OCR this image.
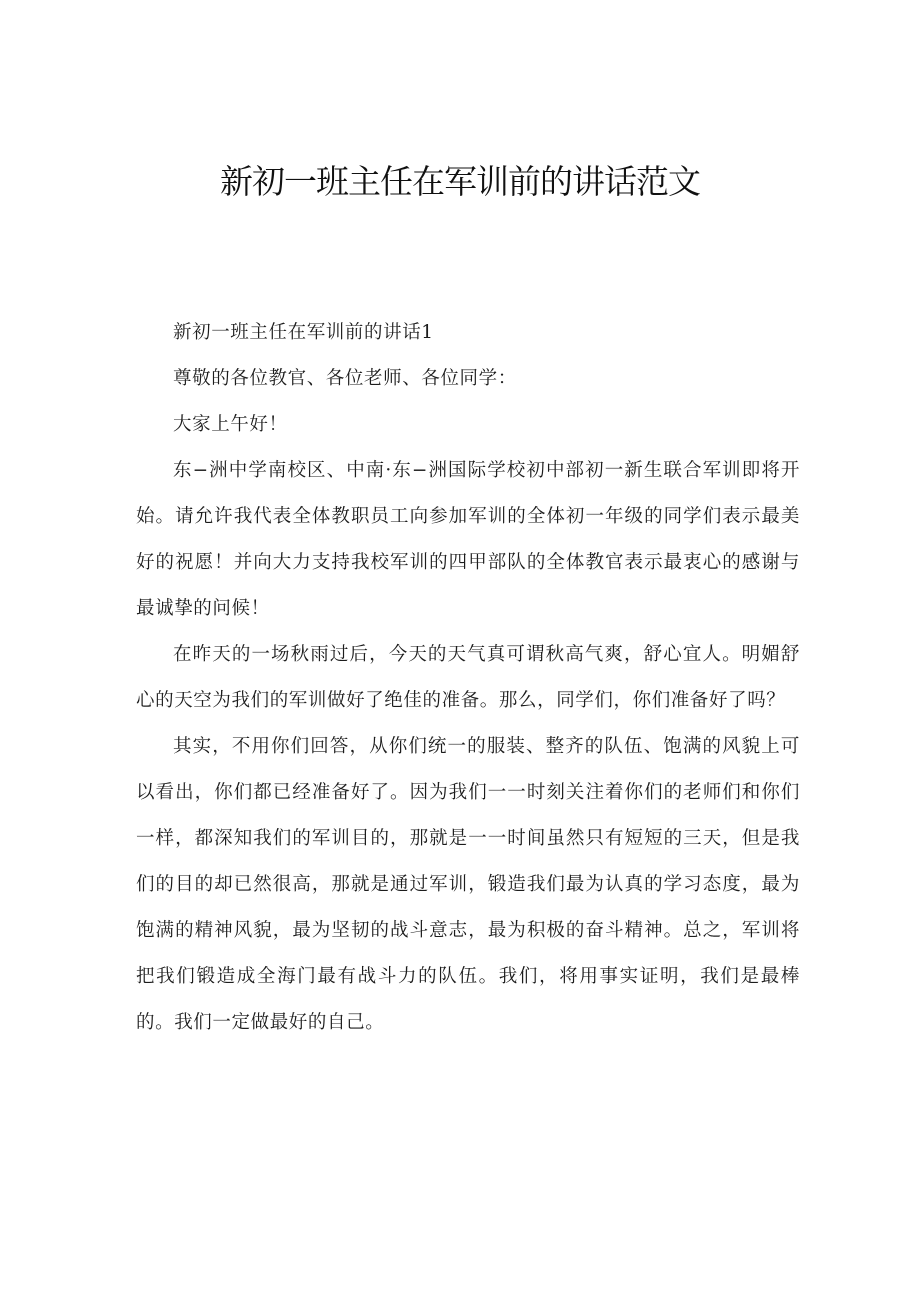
新初一班主任在军训前的讲话范文

新初一班主任在军训前的讲话1

尊敬的各位教官、各位老师、各位同学：

大家上午好！

东−洲中学南校区、中南·东−洲国际学校初中部初一新生联合军训即将开始。请允许我代表全体教职员工向参加军训的全体初一年级的同学们表示最美好的祝愿！并向大力支持我校军训的四甲部队的全体教官表示最衷心的感谢与最诚挚的问候！

在昨天的一场秋雨过后，今天的天气真可谓秋高气爽，舒心宜人。明媚舒心的天空为我们的军训做好了绝佳的准备。那么，同学们，你们准备好了吗？

其实，不用你们回答，从你们统一的服装、整齐的队伍、饱满的风貌上可以看出，你们都已经准备好了。因为我们一一时刻关注着你们的老师们和你们一样，都深知我们的军训目的，那就是一一时间虽然只有短短的三天，但是我们的目的却已然很高，那就是通过军训，锻造我们最为认真的学习态度，最为饱满的精神风貌，最为坚韧的战斗意志，最为积极的奋斗精神。总之，军训将把我们锻造成全海门最有战斗力的队伍。我们，将用事实证明，我们是最棒的。我们一定做最好的自己。
